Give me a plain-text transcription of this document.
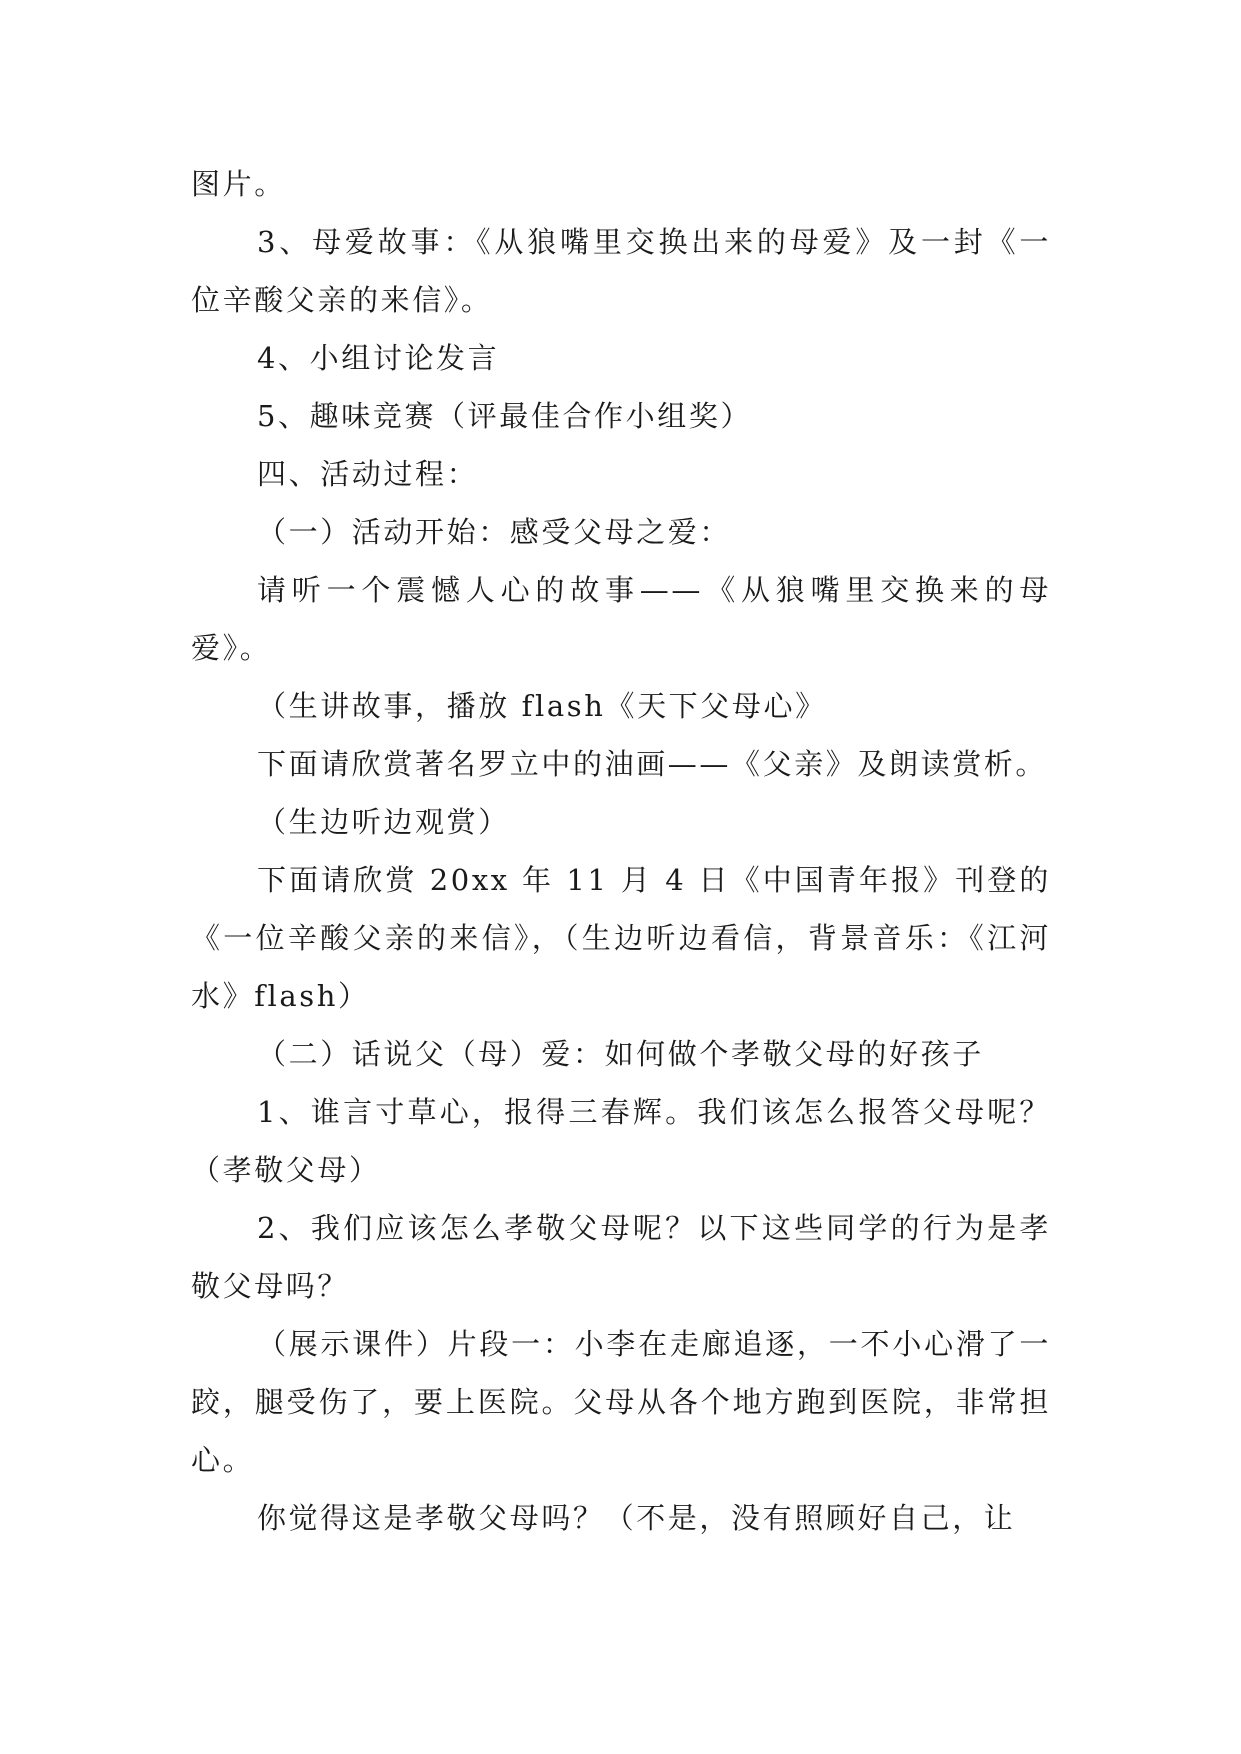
图片。

3、母爱故事：《从狼嘴里交换出来的母爱》及一封《一位辛酸父亲的来信》。

4、小组讨论发言

5、趣味竞赛（评最佳合作小组奖）

四、活动过程：

（一）活动开始：感受父母之爱：

请听一个震憾人心的故事——《从狼嘴里交换来的母爱》。

（生讲故事，播放 flash《天下父母心》

下面请欣赏著名罗立中的油画——《父亲》及朗读赏析。

（生边听边观赏）

下面请欣赏 20xx 年 11 月 4 日《中国青年报》刊登的《一位辛酸父亲的来信》，（生边听边看信，背景音乐：《江河水》flash）

（二）话说父（母）爱：如何做个孝敬父母的好孩子

1、谁言寸草心，报得三春辉。我们该怎么报答父母呢？（孝敬父母）

2、我们应该怎么孝敬父母呢？以下这些同学的行为是孝敬父母吗？

（展示课件）片段一：小李在走廊追逐，一不小心滑了一跤，腿受伤了，要上医院。父母从各个地方跑到医院，非常担心。

你觉得这是孝敬父母吗？（不是，没有照顾好自己，让
